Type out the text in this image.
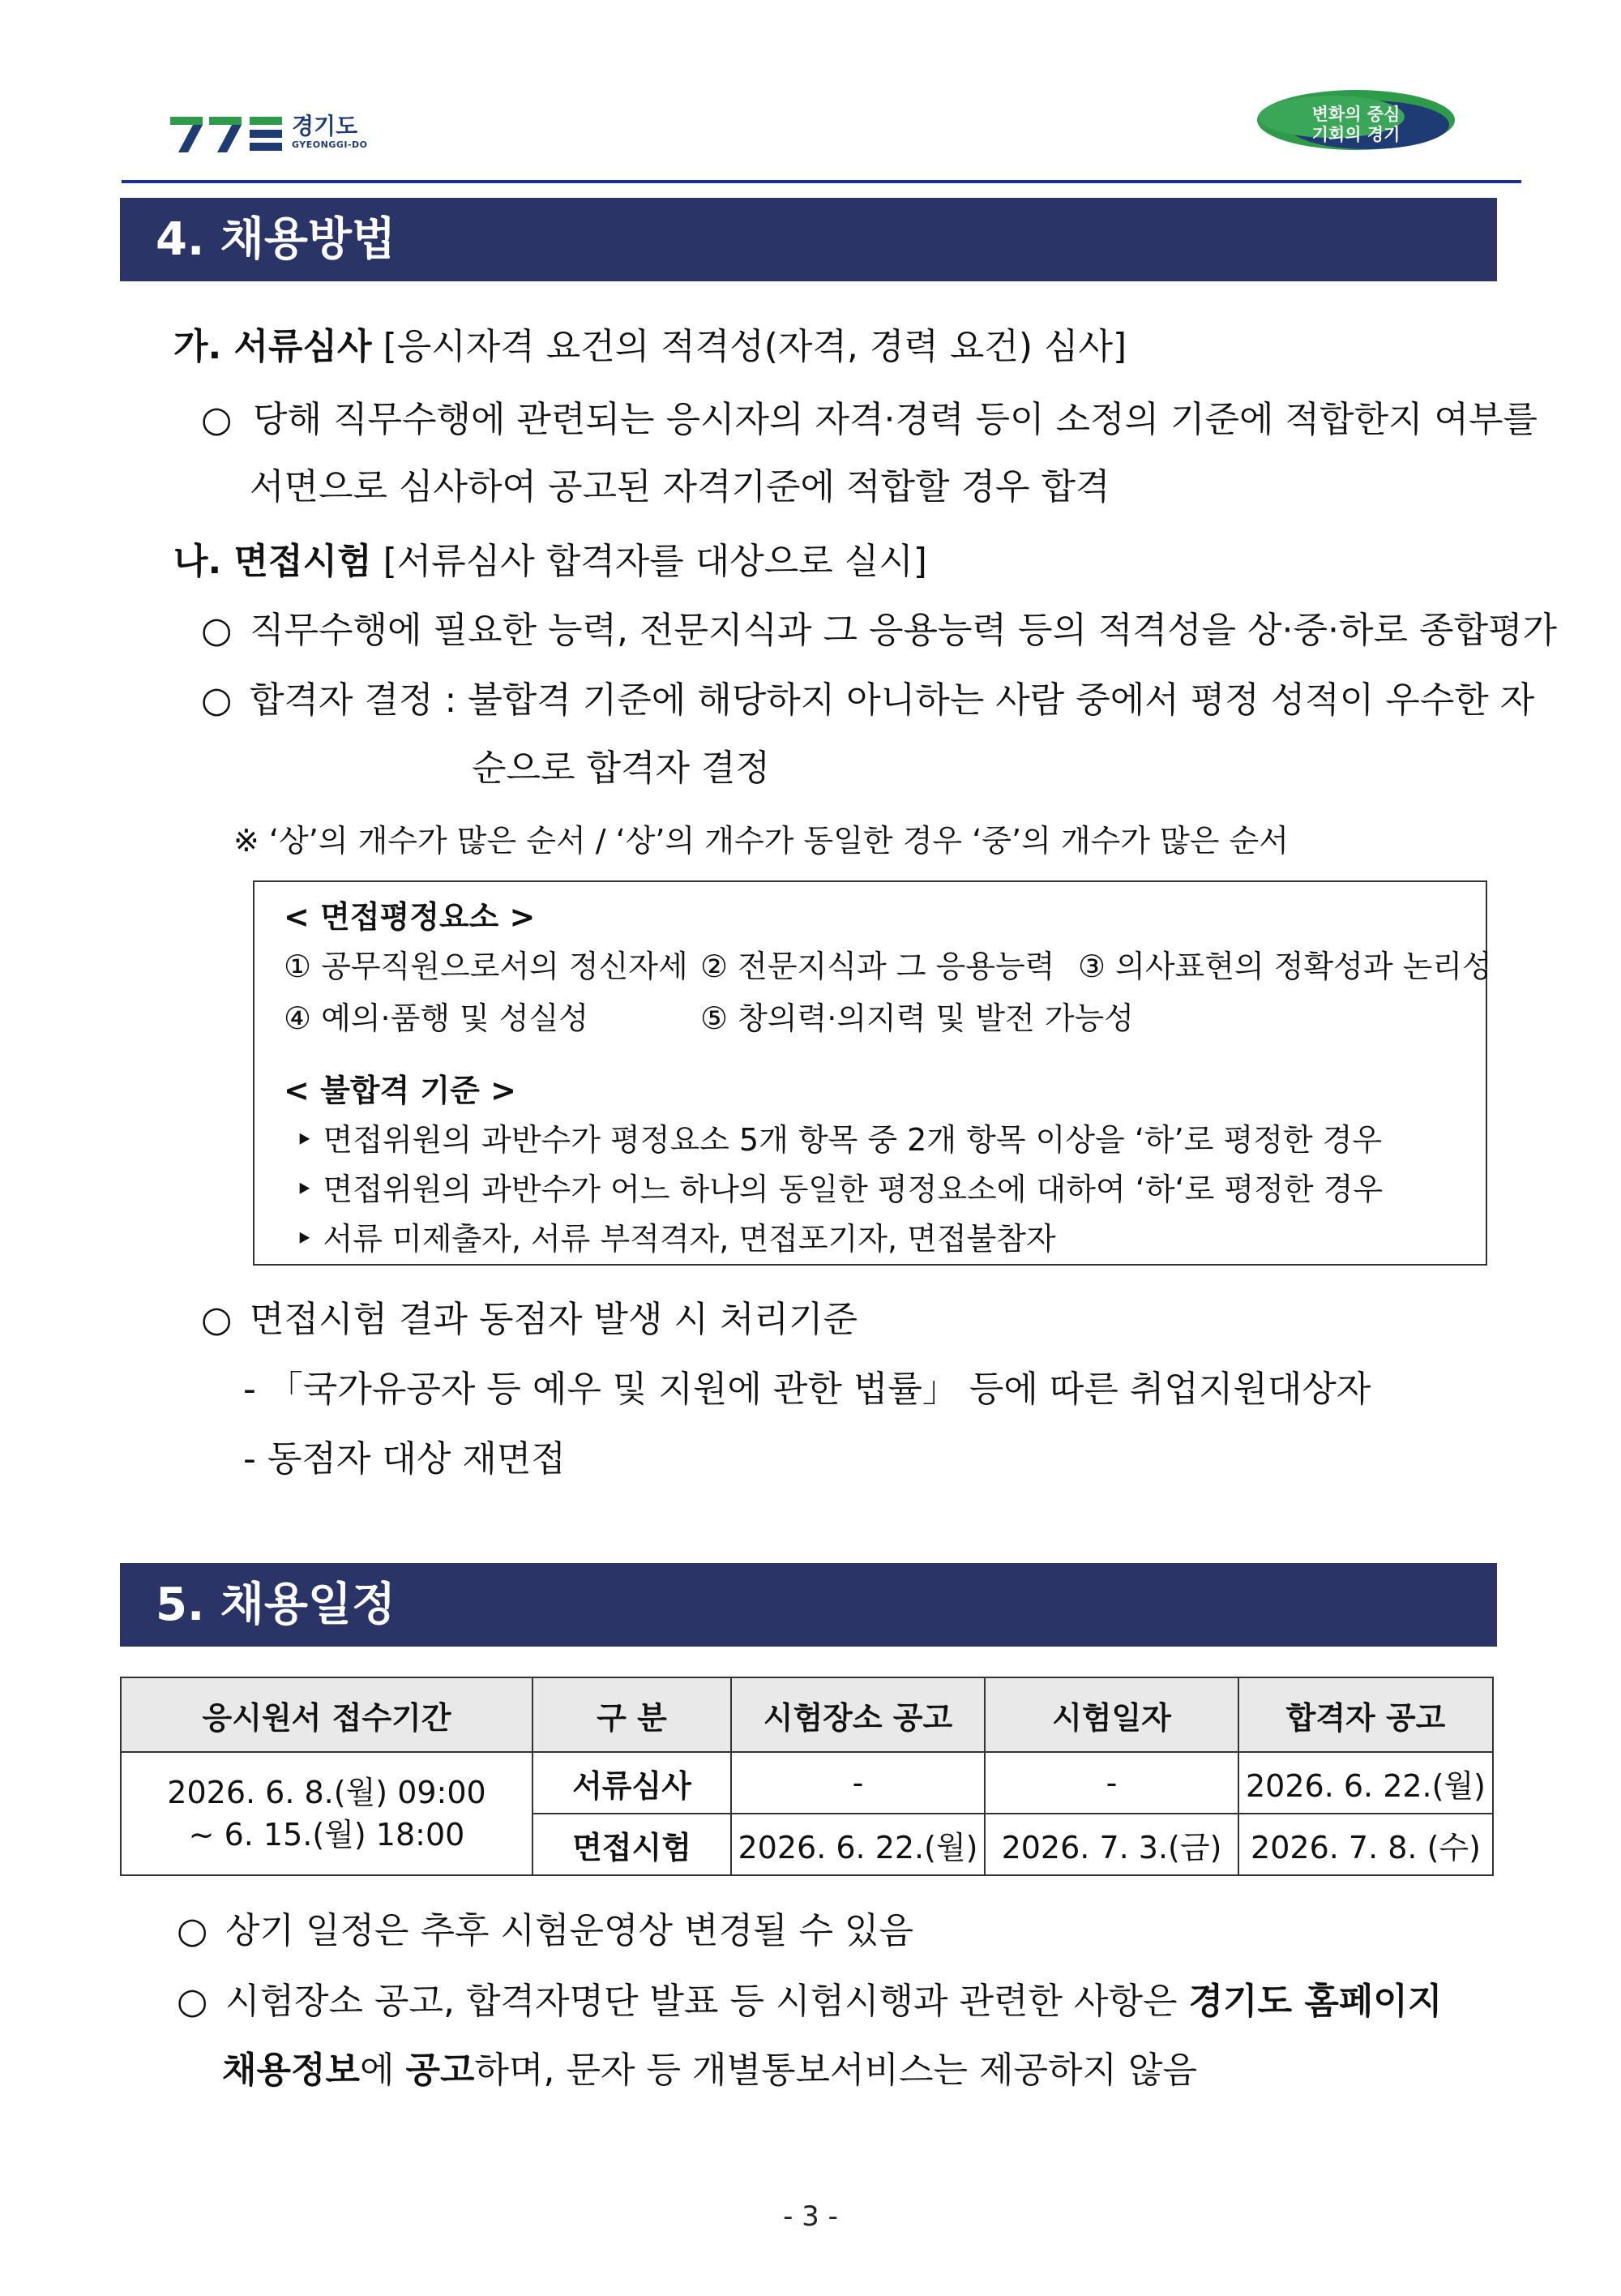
경기도
GYEONGGI-DO
변화의 중심
기회의 경기
4. 채용방법
가. 서류심사 [응시자격 요건의 적격성(자격, 경력 요건) 심사]
○ 당해 직무수행에 관련되는 응시자의 자격·경력 등이 소정의 기준에 적합한지 여부를
서면으로 심사하여 공고된 자격기준에 적합할 경우 합격
나. 면접시험 [서류심사 합격자를 대상으로 실시]
○ 직무수행에 필요한 능력, 전문지식과 그 응용능력 등의 적격성을 상·중·하로 종합평가
○ 합격자 결정 : 불합격 기준에 해당하지 아니하는 사람 중에서 평정 성적이 우수한 자
순으로 합격자 결정
※ ‘상’의 개수가 많은 순서 / ‘상’의 개수가 동일한 경우 ‘중’의 개수가 많은 순서
< 면접평정요소 >
① 공무직원으로서의 정신자세 ② 전문지식과 그 응용능력 ③ 의사표현의 정확성과 논리성
④ 예의·품행 및 성실성	⑤ 창의력·의지력 및 발전 가능성
< 불합격 기준 >
‣ 면접위원의 과반수가 평정요소 5개 항목 중 2개 항목 이상을 ‘하’로 평정한 경우
‣ 면접위원의 과반수가 어느 하나의 동일한 평정요소에 대하여 ‘하‘로 평정한 경우
‣ 서류 미제출자, 서류 부적격자, 면접포기자, 면접불참자
○ 면접시험 결과 동점자 발생 시 처리기준
- 「국가유공자 등 예우 및 지원에 관한 법률」 등에 따른 취업지원대상자
- 동점자 대상 재면접
5. 채용일정
응시원서 접수기간	구 분	시험장소 공고	시험일자	합격자 공고

2026. 6. 8.(월) 09:00
~ 6. 15.(월) 18:00	서류심사	-	-	2026. 6. 22.(월)
	면접시험	2026. 6. 22.(월)	2026. 7. 3.(금)	2026. 7. 8. (수)
○ 상기 일정은 추후 시험운영상 변경될 수 있음
○ 시험장소 공고, 합격자명단 발표 등 시험시행과 관련한 사항은 경기도 홈페이지
채용정보에 공고하며, 문자 등 개별통보서비스는 제공하지 않음
- 3 -
